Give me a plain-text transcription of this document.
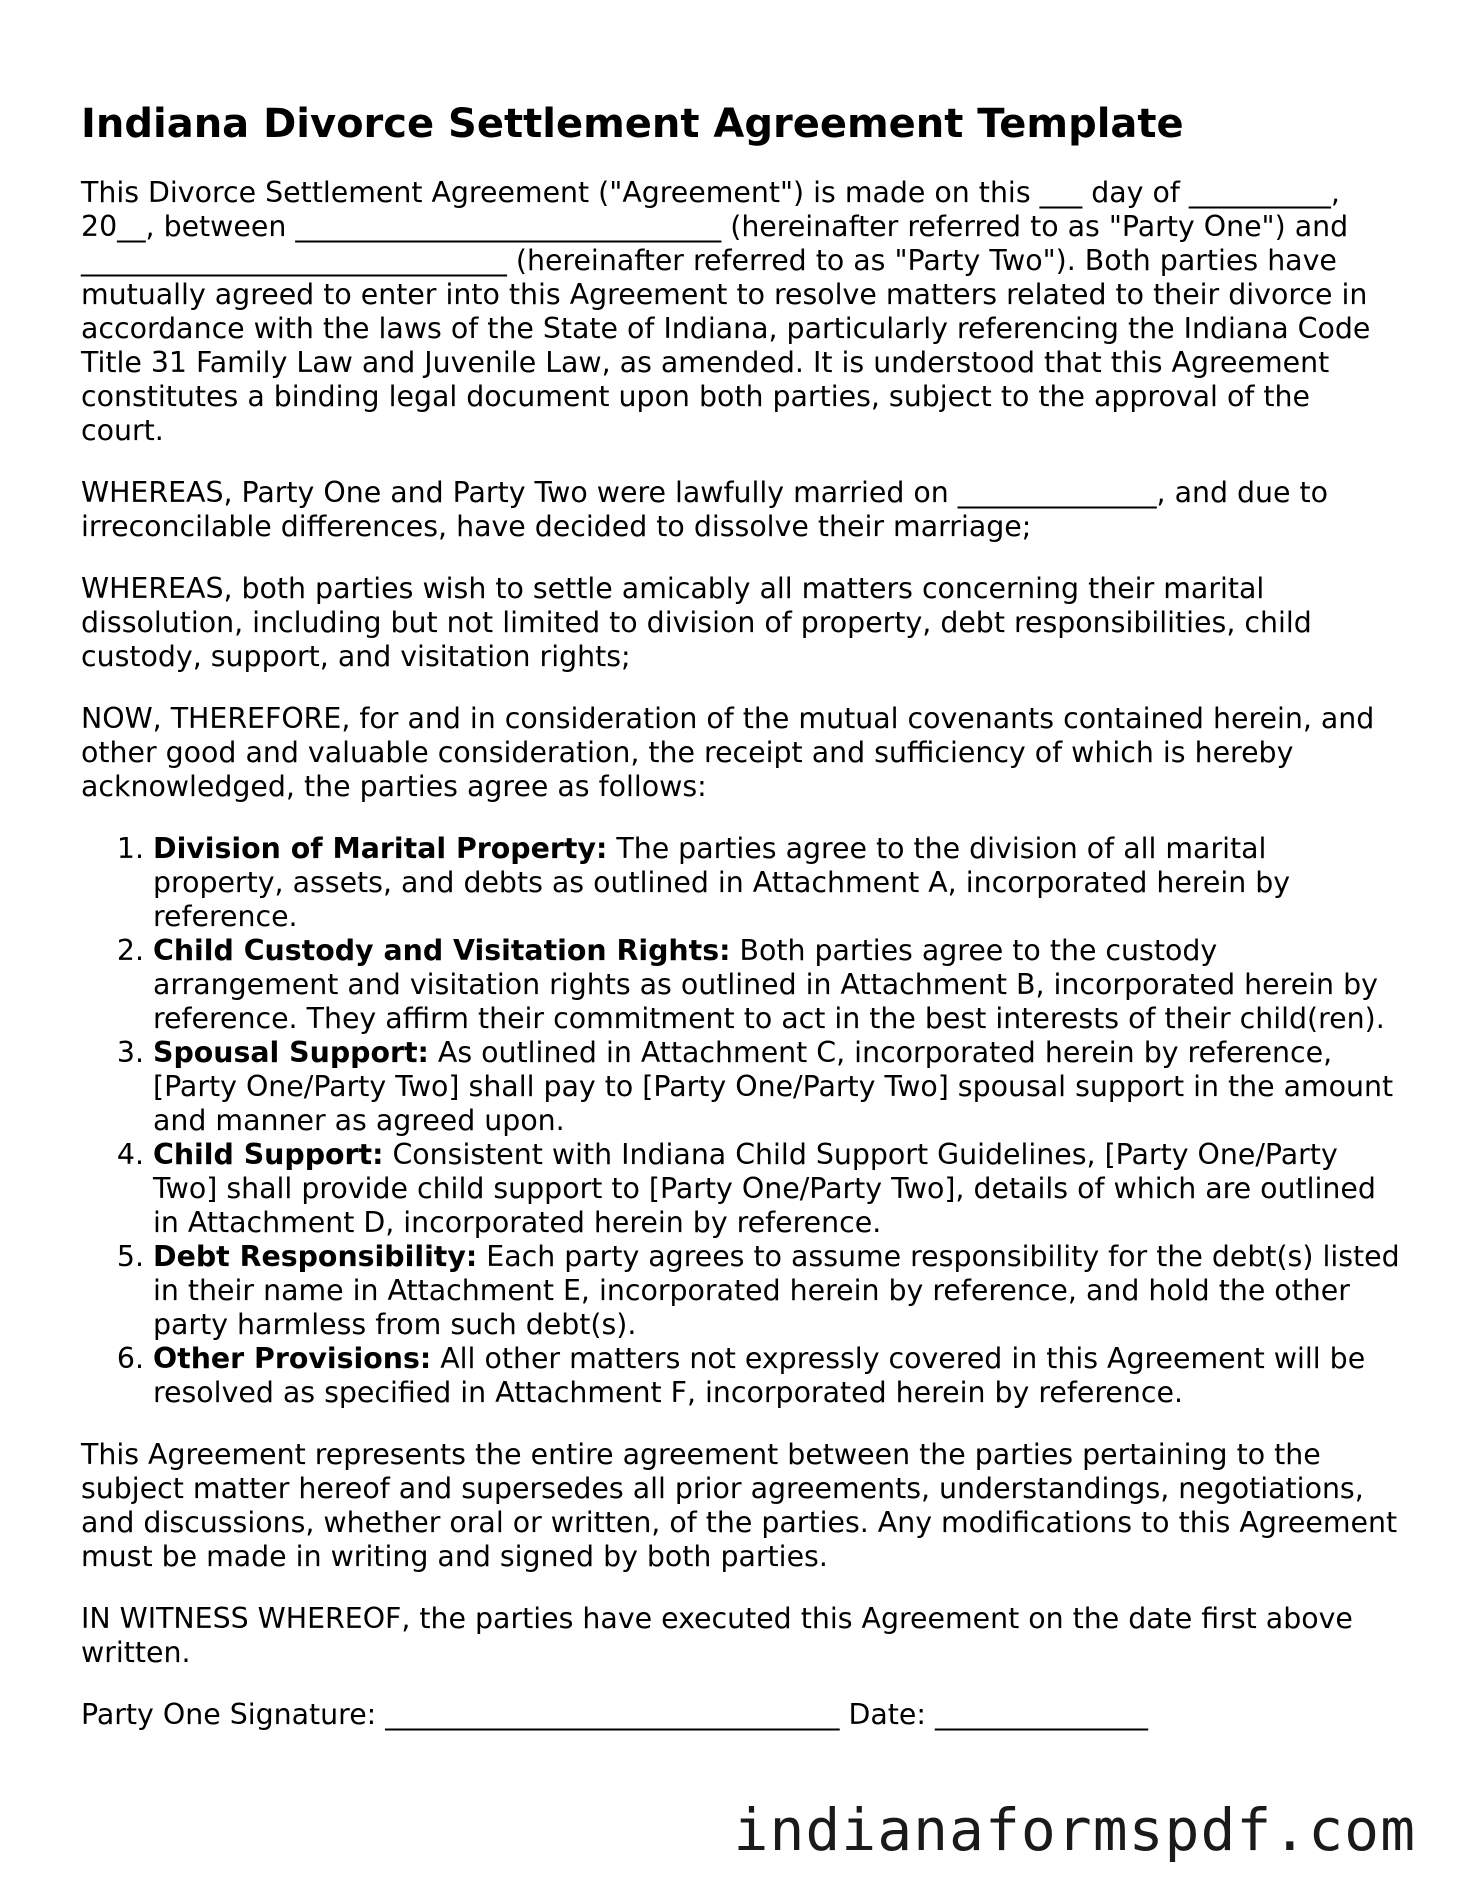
Indiana Divorce Settlement Agreement Template

This Divorce Settlement Agreement ("Agreement") is made on this ___ day of __________, 20__, between ______________________________ (hereinafter referred to as "Party One") and ______________________________ (hereinafter referred to as "Party Two"). Both parties have mutually agreed to enter into this Agreement to resolve matters related to their divorce in accordance with the laws of the State of Indiana, particularly referencing the Indiana Code Title 31 Family Law and Juvenile Law, as amended. It is understood that this Agreement constitutes a binding legal document upon both parties, subject to the approval of the court.

WHEREAS, Party One and Party Two were lawfully married on ______________, and due to irreconcilable differences, have decided to dissolve their marriage;

WHEREAS, both parties wish to settle amicably all matters concerning their marital dissolution, including but not limited to division of property, debt responsibilities, child custody, support, and visitation rights;

NOW, THEREFORE, for and in consideration of the mutual covenants contained herein, and other good and valuable consideration, the receipt and sufficiency of which is hereby acknowledged, the parties agree as follows:

1. Division of Marital Property: The parties agree to the division of all marital property, assets, and debts as outlined in Attachment A, incorporated herein by reference.
2. Child Custody and Visitation Rights: Both parties agree to the custody arrangement and visitation rights as outlined in Attachment B, incorporated herein by reference. They affirm their commitment to act in the best interests of their child(ren).
3. Spousal Support: As outlined in Attachment C, incorporated herein by reference, [Party One/Party Two] shall pay to [Party One/Party Two] spousal support in the amount and manner as agreed upon.
4. Child Support: Consistent with Indiana Child Support Guidelines, [Party One/Party Two] shall provide child support to [Party One/Party Two], details of which are outlined in Attachment D, incorporated herein by reference.
5. Debt Responsibility: Each party agrees to assume responsibility for the debt(s) listed in their name in Attachment E, incorporated herein by reference, and hold the other party harmless from such debt(s).
6. Other Provisions: All other matters not expressly covered in this Agreement will be resolved as specified in Attachment F, incorporated herein by reference.

This Agreement represents the entire agreement between the parties pertaining to the subject matter hereof and supersedes all prior agreements, understandings, negotiations, and discussions, whether oral or written, of the parties. Any modifications to this Agreement must be made in writing and signed by both parties.

IN WITNESS WHEREOF, the parties have executed this Agreement on the date first above written.

Party One Signature: ________________________________ Date: _______________
indianaformspdf.com
